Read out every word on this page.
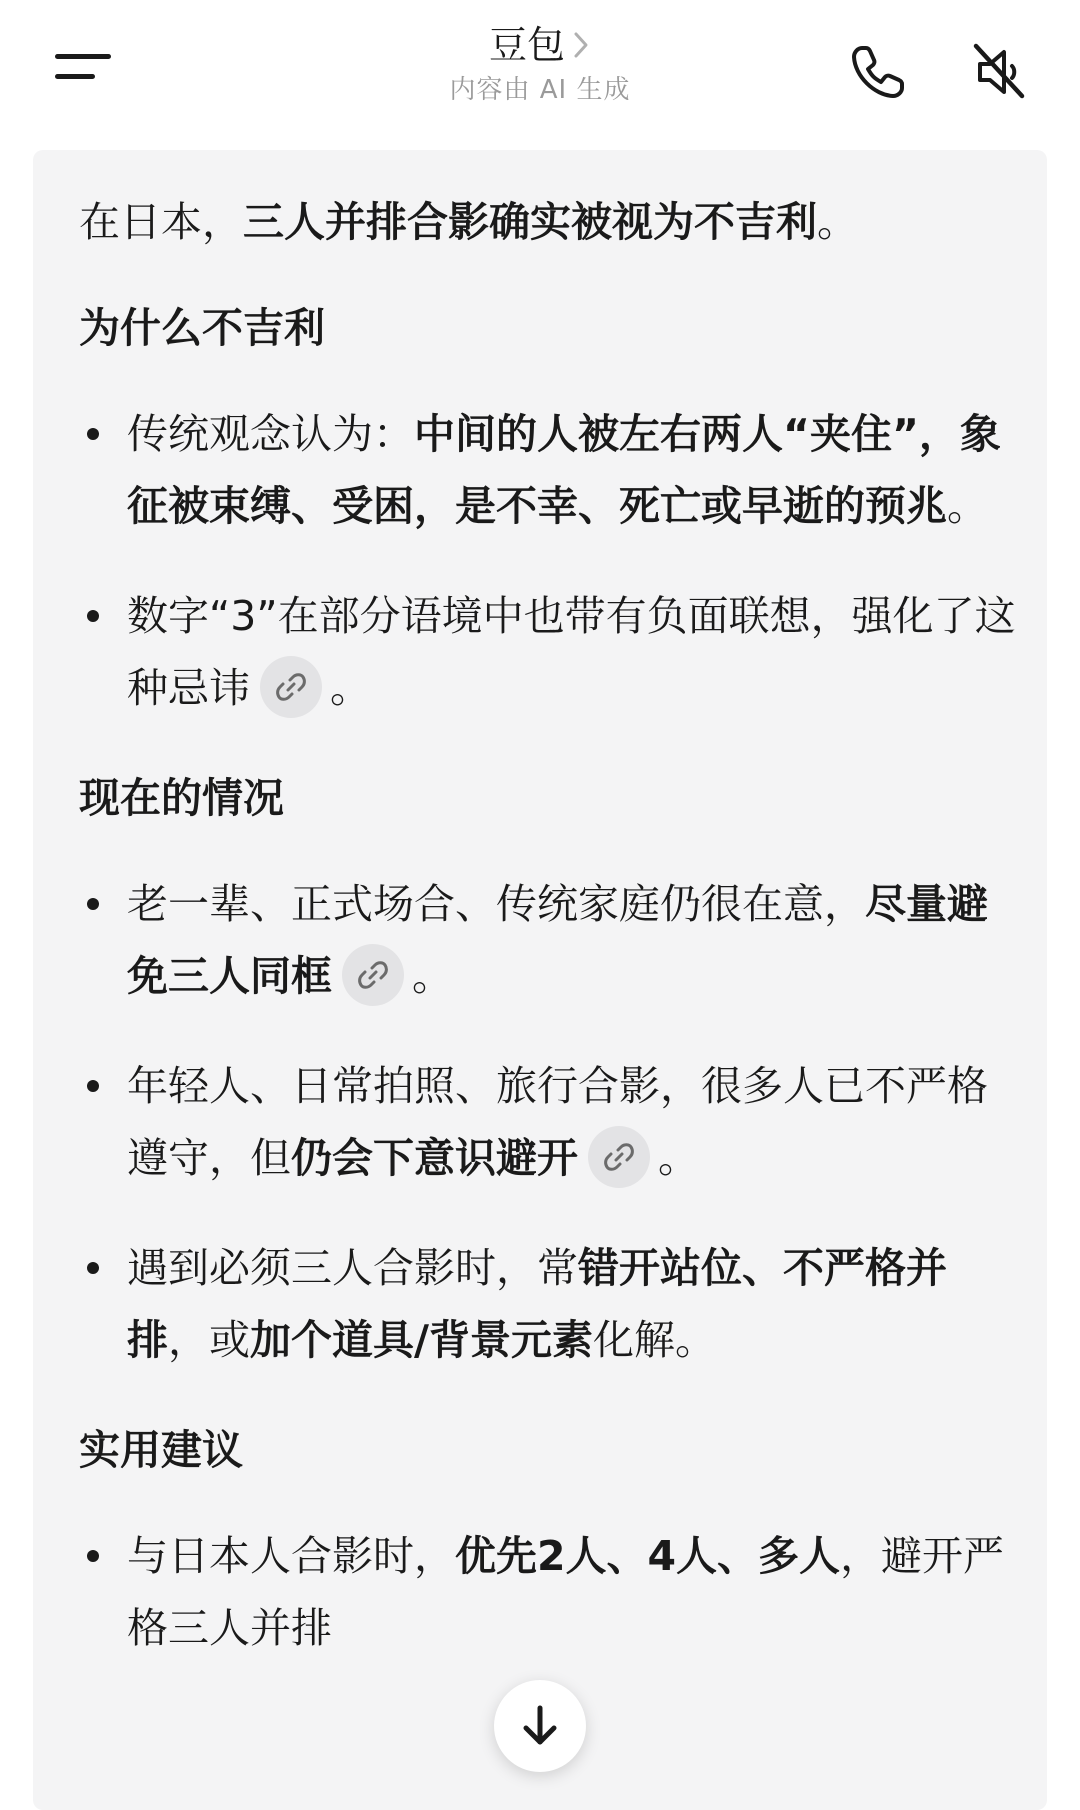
豆包
内容由 AI 生成

在日本，三人并排合影确实被视为不吉利。

为什么不吉利
传统观念认为：中间的人被左右两人“夹住”，象征被束缚、受困，是不幸、死亡或早逝的预兆。
数字“3”在部分语境中也带有负面联想，强化了这种忌讳 。
现在的情况
老一辈、正式场合、传统家庭仍很在意，尽量避免三人同框 。
年轻人、日常拍照、旅行合影，很多人已不严格遵守，但仍会下意识避开 。
遇到必须三人合影时，常错开站位、不严格并排，或加个道具/背景元素化解。
实用建议
与日本人合影时，优先2人、4人、多人，避开严格三人并排
